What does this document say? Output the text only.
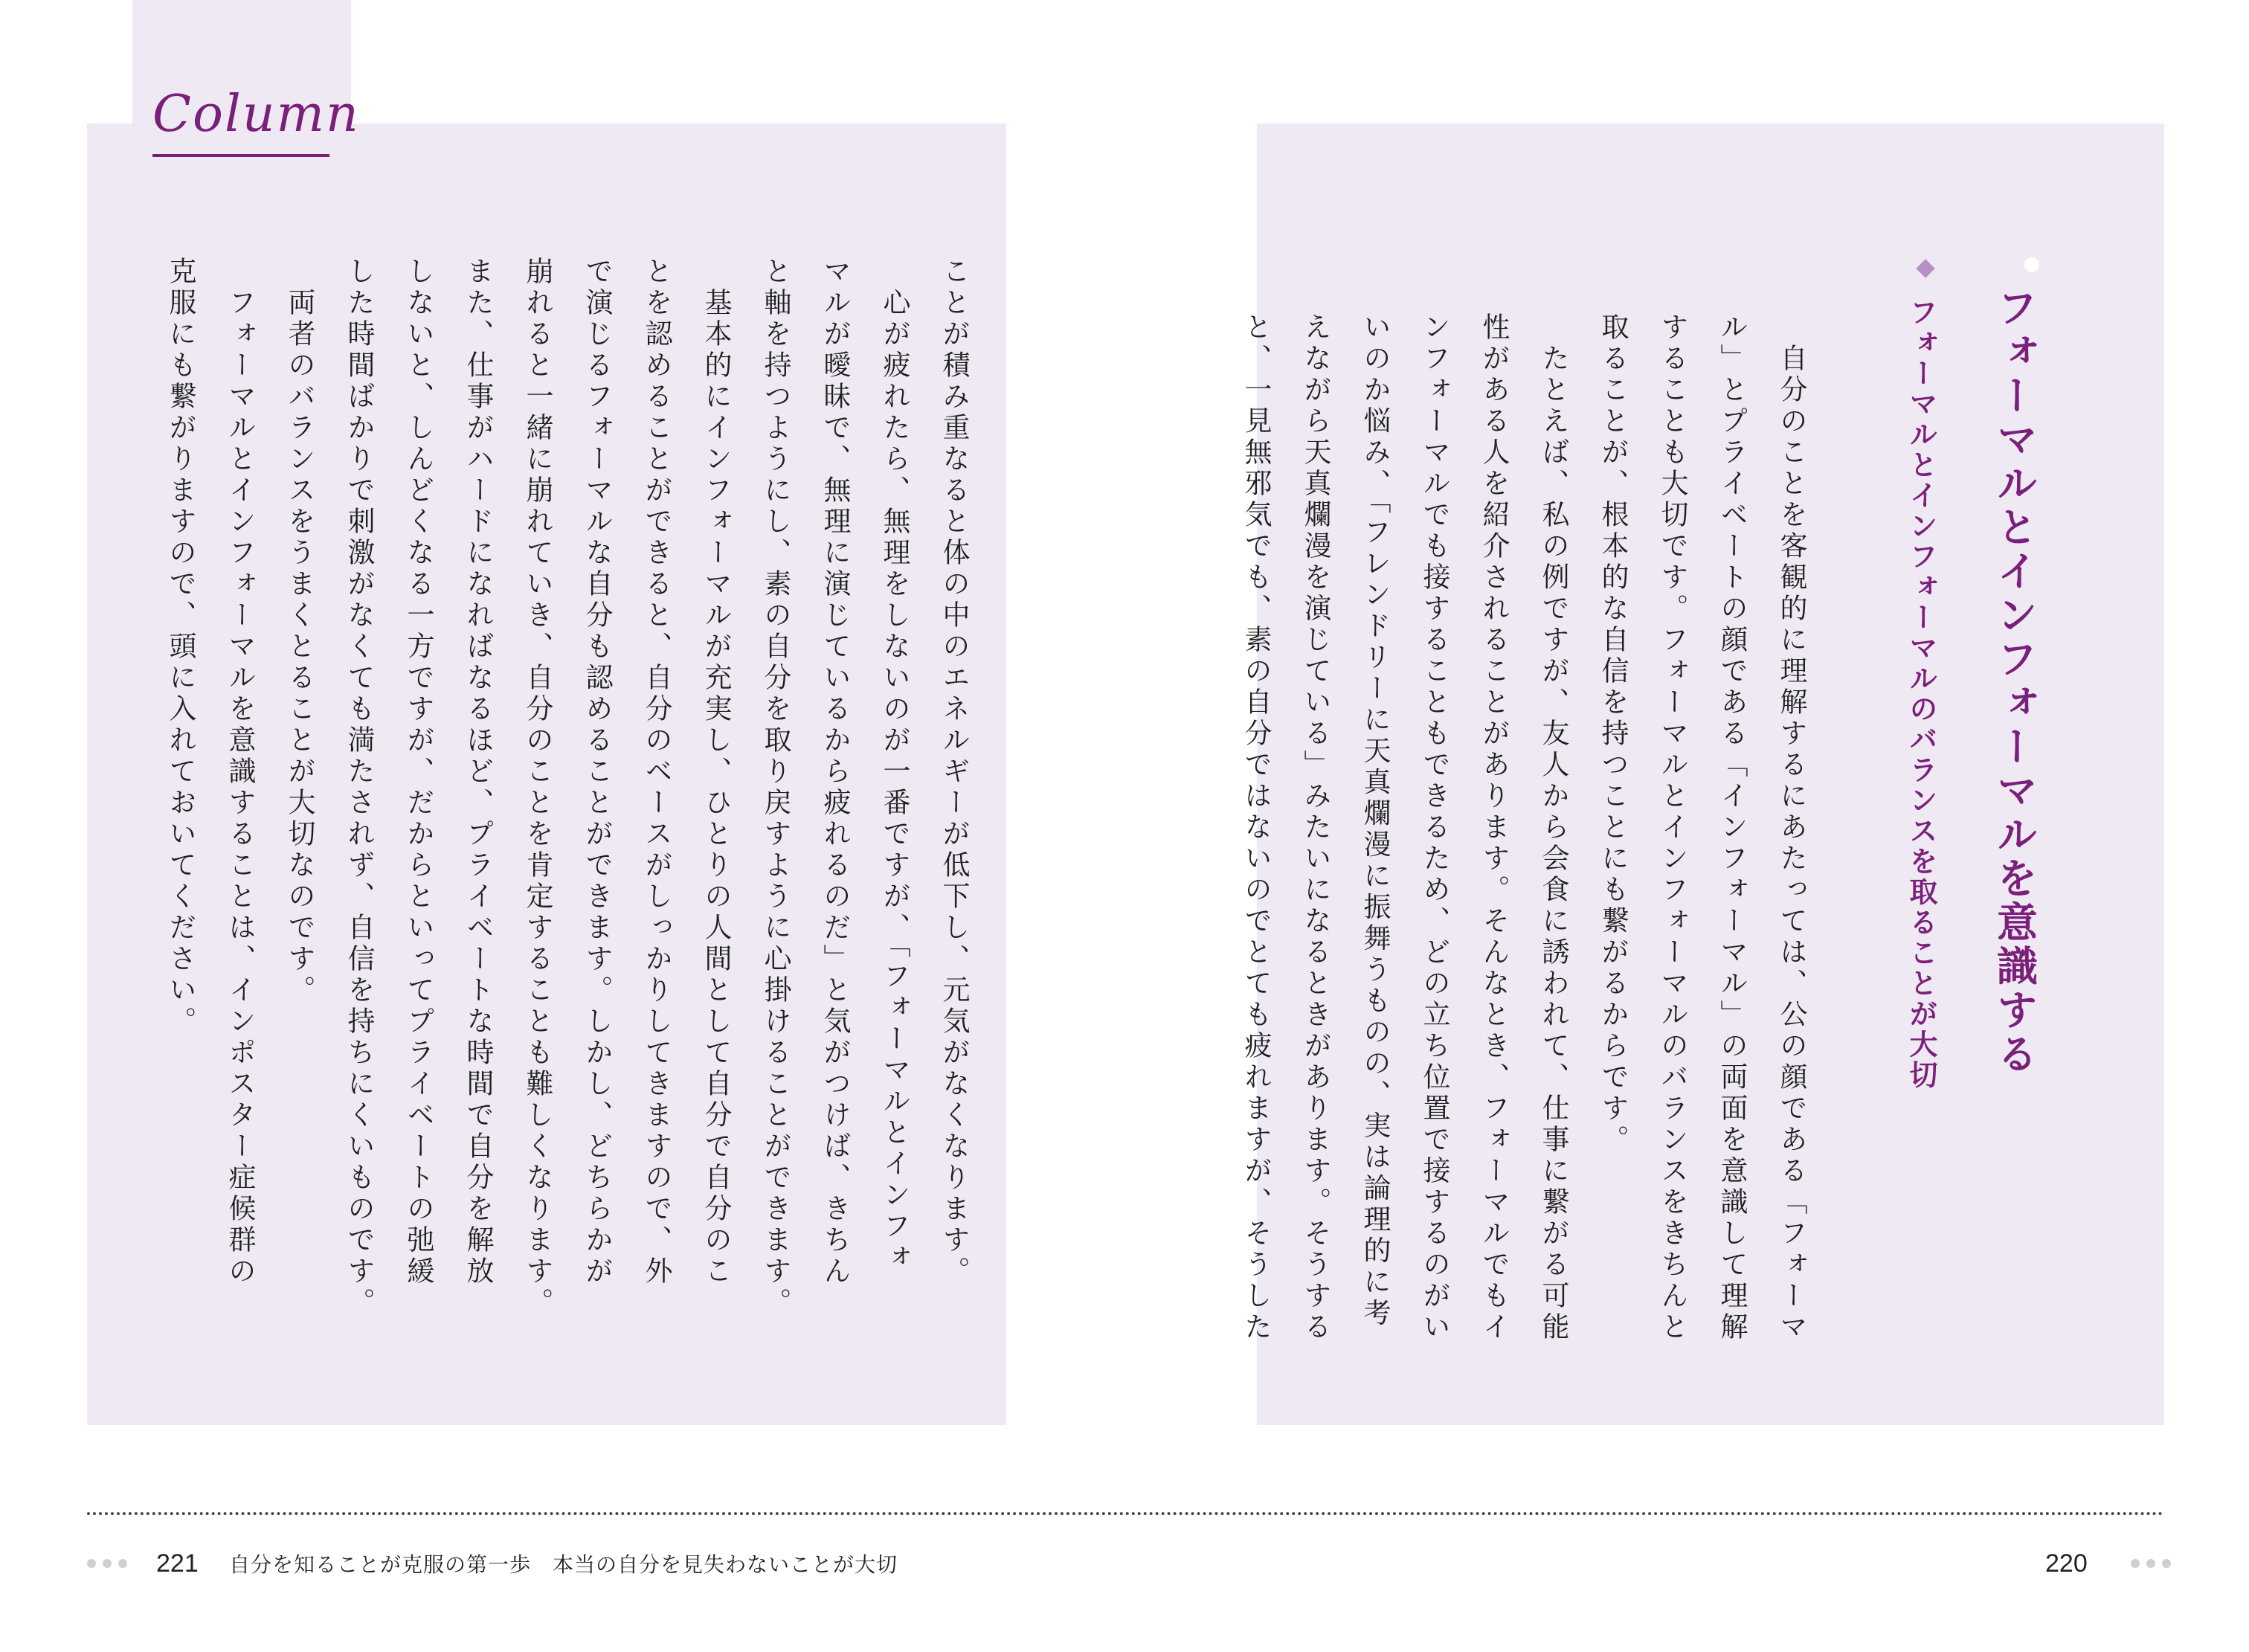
Column
ことが積み重なると体の中のエネルギーが低下し、元気がなくなります。
　心が疲れたら、無理をしないのが一番ですが、「フォーマルとインフォ
マルが曖昧で、無理に演じているから疲れるのだ」と気がつけば、きちん
と軸を持つようにし、素の自分を取り戻すように心掛けることができます。
　基本的にインフォーマルが充実し、ひとりの人間として自分で自分のこ
とを認めることができると、自分のベースがしっかりしてきますので、外
で演じるフォーマルな自分も認めることができます。しかし、どちらかが
崩れると一緒に崩れていき、自分のことを肯定することも難しくなります。
また、仕事がハードになればなるほど、プライベートな時間で自分を解放
しないと、しんどくなる一方ですが、だからといってプライベートの弛緩
した時間ばかりで刺激がなくても満たされず、自信を持ちにくいものです。
　両者のバランスをうまくとることが大切なのです。
　フォーマルとインフォーマルを意識することは、インポスター症候群の
克服にも繋がりますので、頭に入れておいてください。	フォーマルとインフォーマルを意識する
フォーマルとインフォーマルのバランスを取ることが大切
　自分のことを客観的に理解するにあたっては、公の顔である「フォーマ
ル」とプライベートの顔である「インフォーマル」の両面を意識して理解
することも大切です。フォーマルとインフォーマルのバランスをきちんと
取ることが、根本的な自信を持つことにも繋がるからです。
　たとえば、私の例ですが、友人から会食に誘われて、仕事に繋がる可能
性がある人を紹介されることがあります。そんなとき、フォーマルでもイ
ンフォーマルでも接することもできるため、どの立ち位置で接するのがい
いのか悩み、「フレンドリーに天真爛漫に振舞うものの、実は論理的に考
えながら天真爛漫を演じている」みたいになるときがあります。そうする
と、一見無邪気でも、素の自分ではないのでとても疲れますが、そうした
221 自分を知ることが克服の第一歩　本当の自分を見失わないことが大切	220
